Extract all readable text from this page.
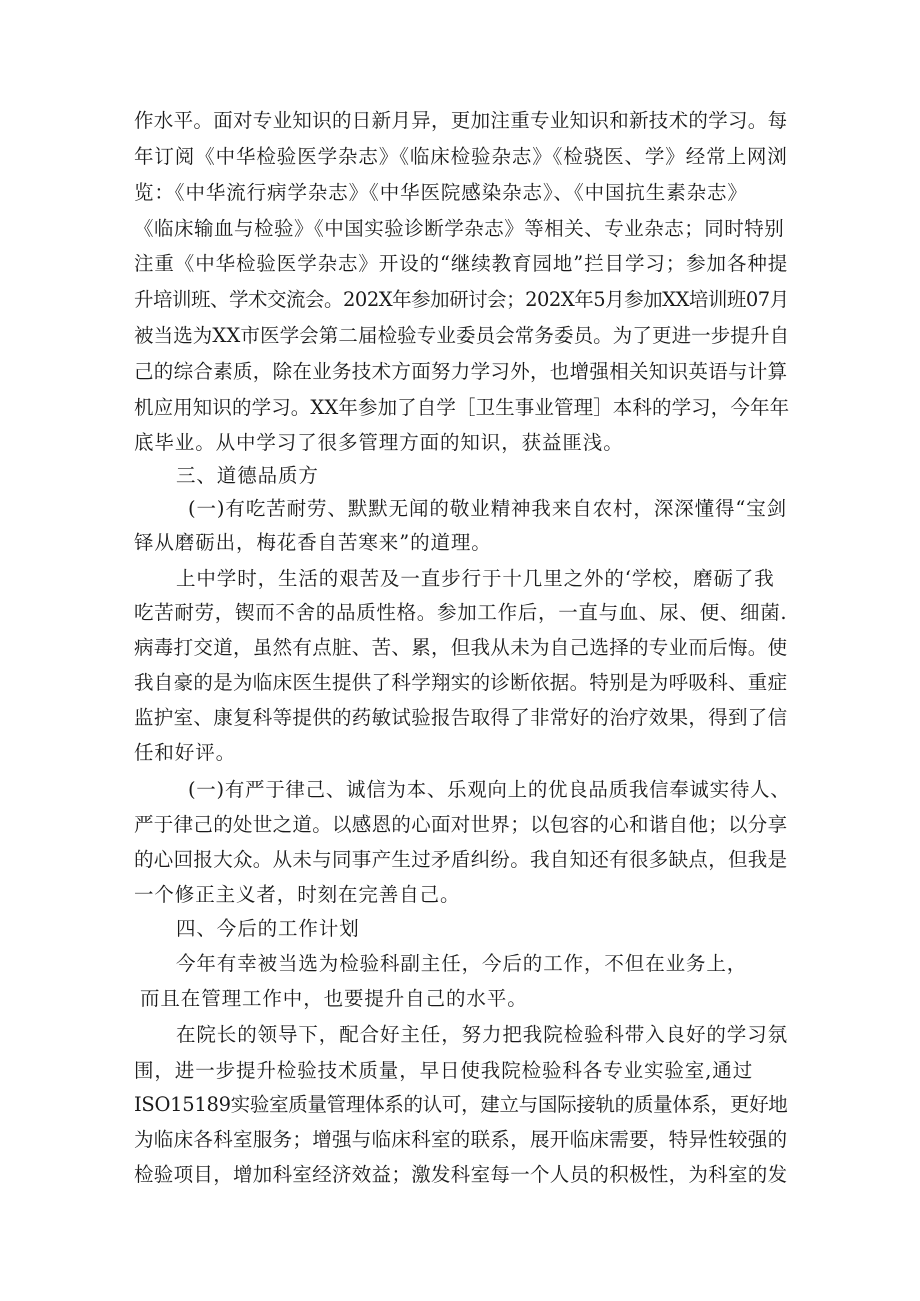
作水平。面对专业知识的日新月异，更加注重专业知识和新技术的学习。每
年订阅《中华检验医学杂志》《临床检验杂志》《检骁医、学》经常上网浏
览：《中华流行病学杂志》《中华医院感染杂志》、《中国抗生素杂志》
《临床输血与检验》《中国实验诊断学杂志》等相关、专业杂志；同时特别
注重《中华检验医学杂志》开设的“继续教育园地”拦目学习；参加各种提
升培训班、学术交流会。202X年参加研讨会；202X年5月参加XX培训班07月
被当选为XX市医学会第二届检验专业委员会常务委员。为了更进一步提升自
己的综合素质，除在业务技术方面努力学习外，也增强相关知识英语与计算
机应用知识的学习。XX年参加了自学［卫生事业管理］本科的学习，今年年
底毕业。从中学习了很多管理方面的知识，获益匪浅。
三、道德品质方
(一)有吃苦耐劳、默默无闻的敬业精神我来自农村，深深懂得“宝剑
铎从磨砺出，梅花香自苦寒来”的道理。
上中学时，生活的艰苦及一直步行于十几里之外的‘学校，磨砺了我
吃苦耐劳，锲而不舍的品质性格。参加工作后，一直与血、尿、便、细菌.
病毒打交道，虽然有点脏、苦、累，但我从未为自己选择的专业而后悔。使
我自豪的是为临床医生提供了科学翔实的诊断依据。特别是为呼吸科、重症
监护室、康复科等提供的药敏试验报告取得了非常好的治疗效果，得到了信
任和好评。
(一)有严于律己、诚信为本、乐观向上的优良品质我信奉诚实待人、
严于律己的处世之道。以感恩的心面对世界；以包容的心和谐自他；以分享
的心回报大众。从未与同事产生过矛盾纠纷。我自知还有很多缺点，但我是
一个修正主义者，时刻在完善自己。
四、今后的工作计划
今年有幸被当选为检验科副主任，今后的工作，不但在业务上，
而且在管理工作中，也要提升自己的水平。
在院长的领导下，配合好主任，努力把我院检验科带入良好的学习氛
围，进一步提升检验技术质量，早日使我院检验科各专业实验室,通过
ISO15189实验室质量管理体系的认可，建立与国际接轨的质量体系，更好地
为临床各科室服务；增强与临床科室的联系，展开临床需要，特异性较强的
检验项目，增加科室经济效益；激发科室每一个人员的积极性，为科室的发
